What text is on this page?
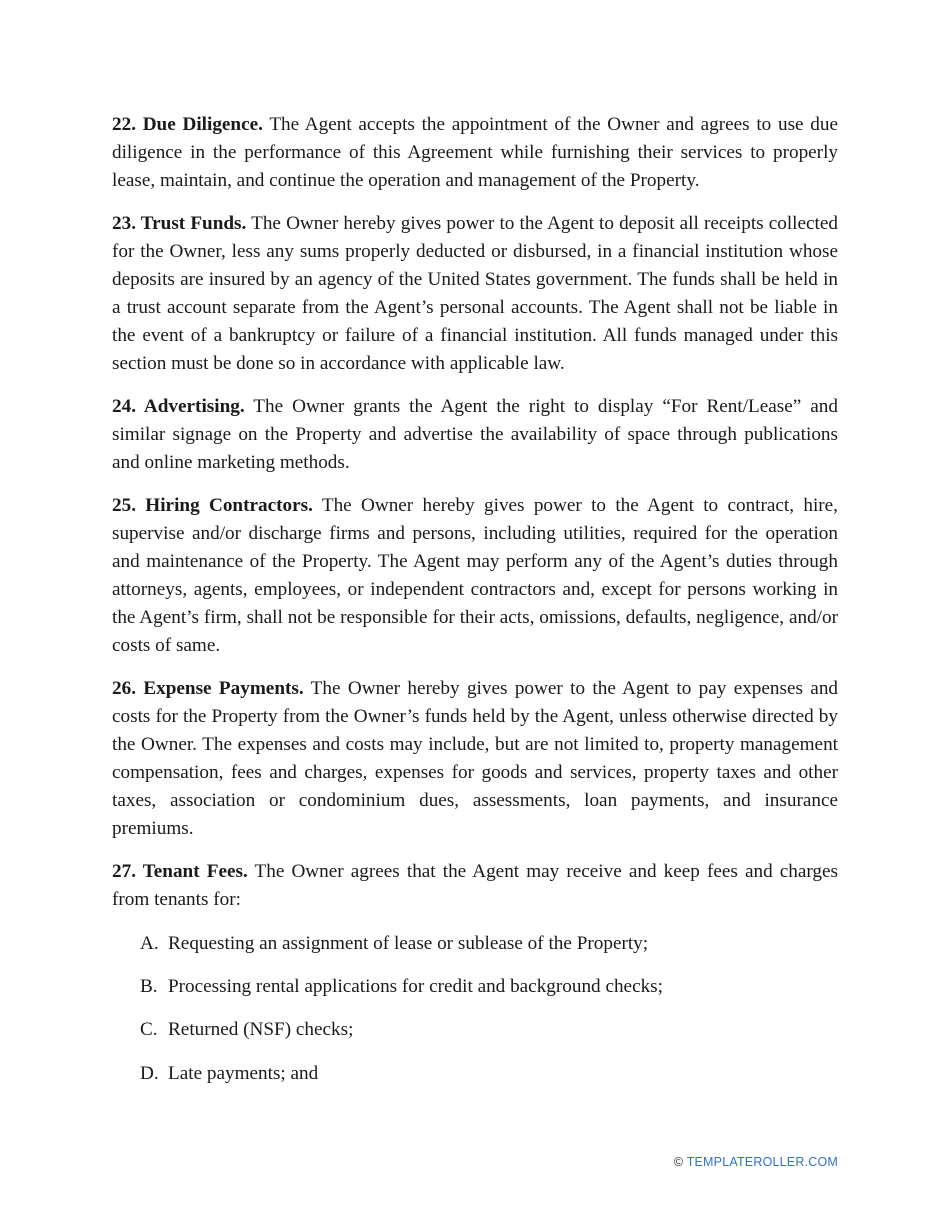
22. Due Diligence. The Agent accepts the appointment of the Owner and agrees to use due diligence in the performance of this Agreement while furnishing their services to properly lease, maintain, and continue the operation and management of the Property.

23. Trust Funds. The Owner hereby gives power to the Agent to deposit all receipts collected for the Owner, less any sums properly deducted or disbursed, in a financial institution whose deposits are insured by an agency of the United States government. The funds shall be held in a trust account separate from the Agent’s personal accounts. The Agent shall not be liable in the event of a bankruptcy or failure of a financial institution. All funds managed under this section must be done so in accordance with applicable law.

24. Advertising. The Owner grants the Agent the right to display “For Rent/Lease” and similar signage on the Property and advertise the availability of space through publications and online marketing methods.

25. Hiring Contractors. The Owner hereby gives power to the Agent to contract, hire, supervise and/or discharge firms and persons, including utilities, required for the operation and maintenance of the Property. The Agent may perform any of the Agent’s duties through attorneys, agents, employees, or independent contractors and, except for persons working in the Agent’s firm, shall not be responsible for their acts, omissions, defaults, negligence, and/or costs of same.

26. Expense Payments. The Owner hereby gives power to the Agent to pay expenses and costs for the Property from the Owner’s funds held by the Agent, unless otherwise directed by the Owner. The expenses and costs may include, but are not limited to, property management compensation, fees and charges, expenses for goods and services, property taxes and other taxes, association or condominium dues, assessments, loan payments, and insurance premiums.

27. Tenant Fees. The Owner agrees that the Agent may receive and keep fees and charges from tenants for:

A. Requesting an assignment of lease or sublease of the Property;
B. Processing rental applications for credit and background checks;
C. Returned (NSF) checks;
D. Late payments; and
© TEMPLATEROLLER.COM
